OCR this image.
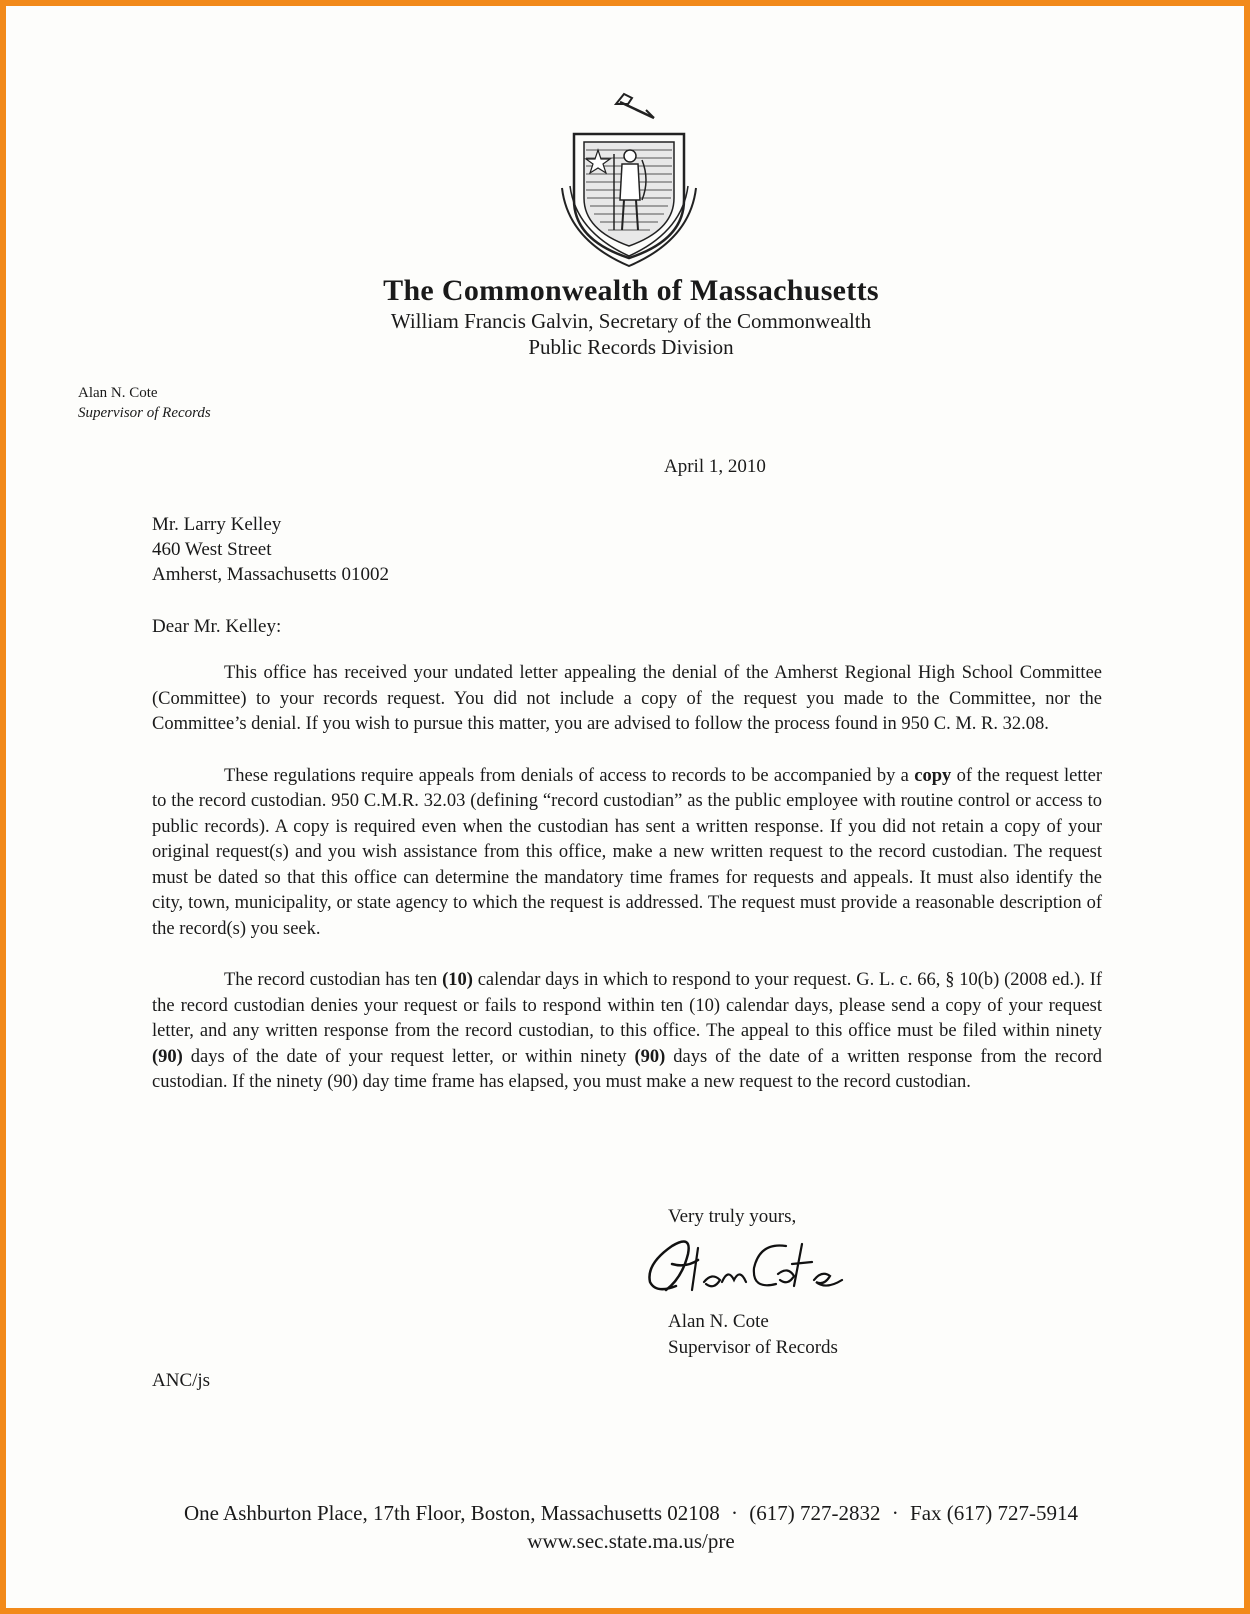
The Commonwealth of Massachusetts
William Francis Galvin, Secretary of the Commonwealth
Public Records Division
Alan N. Cote
Supervisor of Records
April 1, 2010
Mr. Larry Kelley
460 West Street
Amherst, Massachusetts 01002
Dear Mr. Kelley:

This office has received your undated letter appealing the denial of the Amherst Regional High School Committee (Committee) to your records request. You did not include a copy of the request you made to the Committee, nor the Committee’s denial. If you wish to pursue this matter, you are advised to follow the process found in 950 C. M. R. 32.08.

These regulations require appeals from denials of access to records to be accompanied by a copy of the request letter to the record custodian. 950 C.M.R. 32.03 (defining “record custodian” as the public employee with routine control or access to public records). A copy is required even when the custodian has sent a written response. If you did not retain a copy of your original request(s) and you wish assistance from this office, make a new written request to the record custodian. The request must be dated so that this office can determine the mandatory time frames for requests and appeals. It must also identify the city, town, municipality, or state agency to which the request is addressed. The request must provide a reasonable description of the record(s) you seek.

The record custodian has ten (10) calendar days in which to respond to your request. G. L. c. 66, § 10(b) (2008 ed.). If the record custodian denies your request or fails to respond within ten (10) calendar days, please send a copy of your request letter, and any written response from the record custodian, to this office. The appeal to this office must be filed within ninety (90) days of the date of your request letter, or within ninety (90) days of the date of a written response from the record custodian. If the ninety (90) day time frame has elapsed, you must make a new request to the record custodian.

Very truly yours,
Alan N. Cote
Supervisor of Records
ANC/js
One Ashburton Place, 17th Floor, Boston, Massachusetts 02108 · (617) 727-2832 · Fax (617) 727-5914
www.sec.state.ma.us/pre
